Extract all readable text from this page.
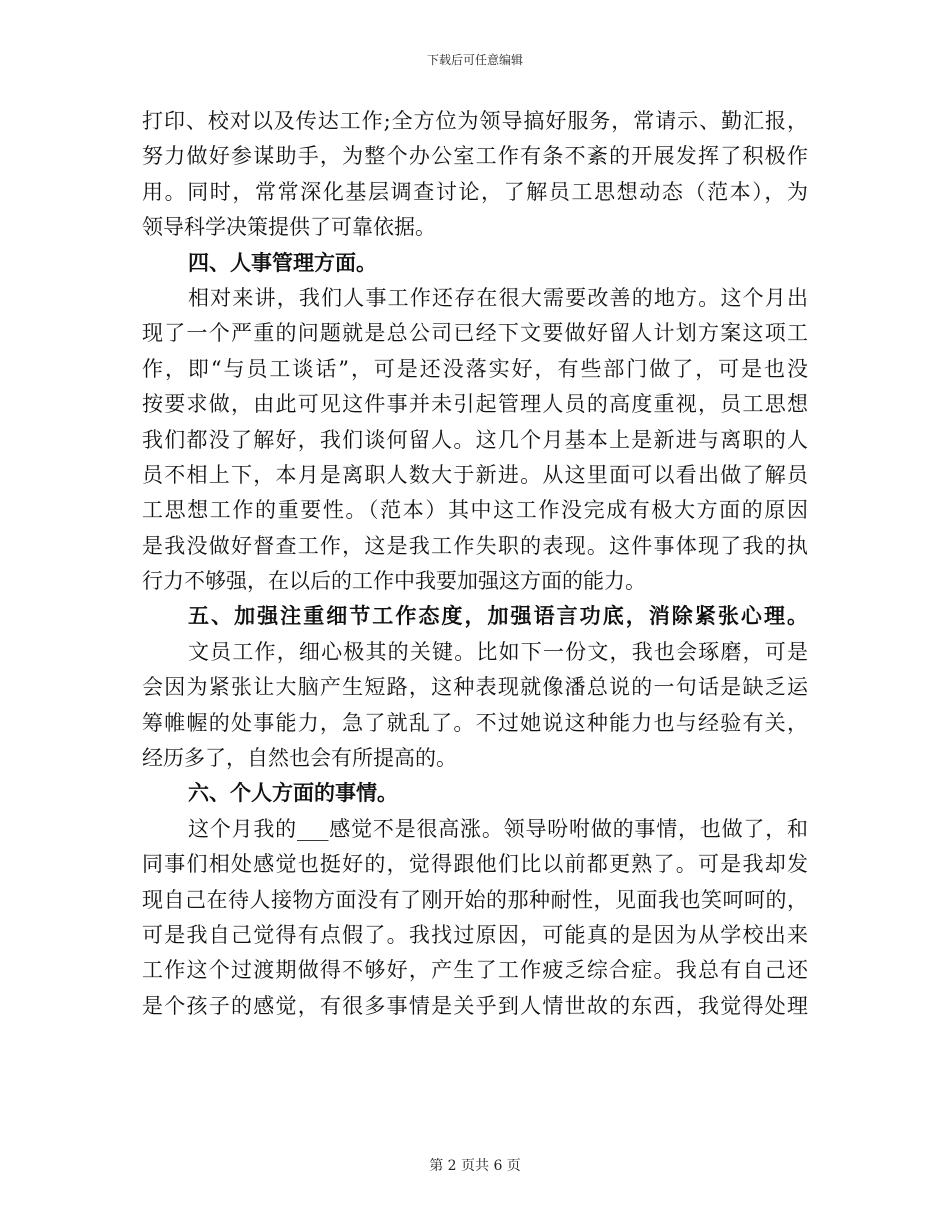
下载后可任意编辑
打印、校对以及传达工作;全方位为领导搞好服务，常请示、勤汇报，
努力做好参谋助手，为整个办公室工作有条不紊的开展发挥了积极作
用。同时，常常深化基层调查讨论，了解员工思想动态（范本），为
领导科学决策提供了可靠依据。
四、人事管理方面。
相对来讲，我们人事工作还存在很大需要改善的地方。这个月出
现了一个严重的问题就是总公司已经下文要做好留人计划方案这项工
作，即“与员工谈话”，可是还没落实好，有些部门做了，可是也没
按要求做，由此可见这件事并未引起管理人员的高度重视，员工思想
我们都没了解好，我们谈何留人。这几个月基本上是新进与离职的人
员不相上下，本月是离职人数大于新进。从这里面可以看出做了解员
工思想工作的重要性。（范本）其中这工作没完成有极大方面的原因
是我没做好督查工作，这是我工作失职的表现。这件事体现了我的执
行力不够强，在以后的工作中我要加强这方面的能力。
五、加强注重细节工作态度，加强语言功底，消除紧张心理。
文员工作，细心极其的关键。比如下一份文，我也会琢磨，可是
会因为紧张让大脑产生短路，这种表现就像潘总说的一句话是缺乏运
筹帷幄的处事能力，急了就乱了。不过她说这种能力也与经验有关，
经历多了，自然也会有所提高的。
六、个人方面的事情。
这个月我的___感觉不是很高涨。领导吩咐做的事情，也做了，和
同事们相处感觉也挺好的，觉得跟他们比以前都更熟了。可是我却发
现自己在待人接物方面没有了刚开始的那种耐性，见面我也笑呵呵的，
可是我自己觉得有点假了。我找过原因，可能真的是因为从学校出来
工作这个过渡期做得不够好，产生了工作疲乏综合症。我总有自己还
是个孩子的感觉，有很多事情是关乎到人情世故的东西，我觉得处理
第 2 页共 6 页
